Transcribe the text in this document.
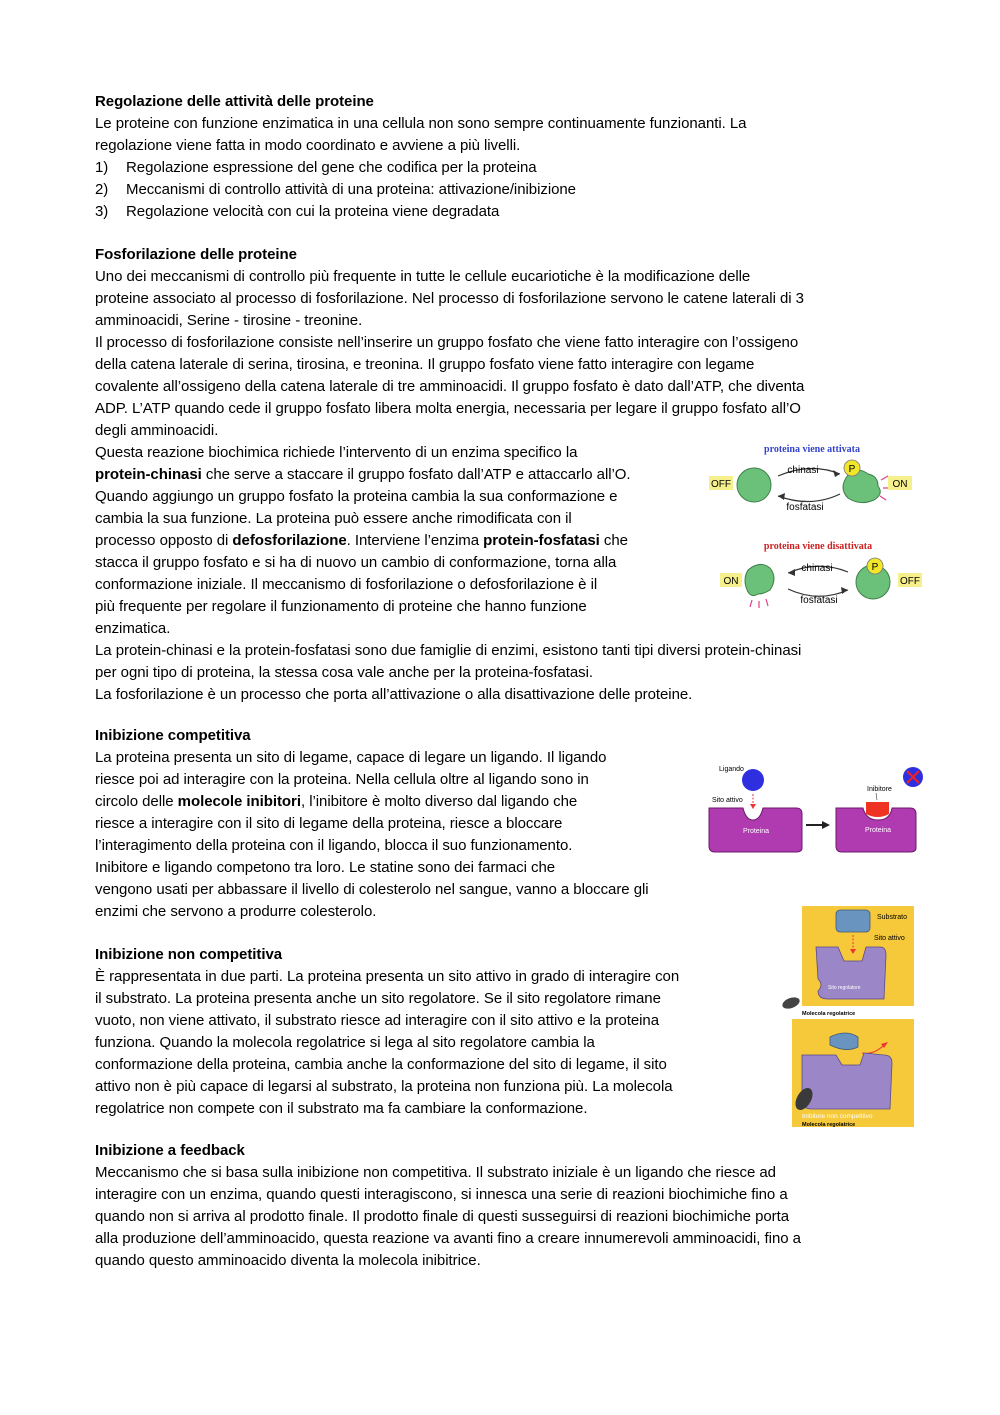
Regolazione delle attività delle proteine
Le proteine con funzione enzimatica in una cellula non sono sempre continuamente funzionanti. La
regolazione viene fatta in modo coordinato e avviene a più livelli.
1)	Regolazione espressione del gene che codifica per la proteina
2)	Meccanismi di controllo attività di una proteina: attivazione/inibizione
3)	Regolazione velocità con cui la proteina viene degradata
Fosforilazione delle proteine
Uno dei meccanismi di controllo più frequente in tutte le cellule eucariotiche è la modificazione delle
proteine associato al processo di fosforilazione. Nel processo di fosforilazione servono le catene laterali di 3
amminoacidi, Serine - tirosine - treonine.
Il processo di fosforilazione consiste nell’inserire un gruppo fosfato che viene fatto interagire con l’ossigeno
della catena laterale di serina, tirosina, e treonina. Il gruppo fosfato viene fatto interagire con legame
covalente all’ossigeno della catena laterale di tre amminoacidi. Il gruppo fosfato è dato dall’ATP, che diventa
ADP. L’ATP quando cede il gruppo fosfato libera molta energia, necessaria per legare il gruppo fosfato all’O
degli amminoacidi.
Questa reazione biochimica richiede l’intervento di un enzima specifico la
protein-chinasi che serve a staccare il gruppo fosfato dall’ATP e attaccarlo all’O.
Quando aggiungo un gruppo fosfato la proteina cambia la sua conformazione e
cambia la sua funzione. La proteina può essere anche rimodificata con il
processo opposto di defosforilazione. Interviene l’enzima protein-fosfatasi che
stacca il gruppo fosfato e si ha di nuovo un cambio di conformazione, torna alla
conformazione iniziale. Il meccanismo di fosforilazione o defosforilazione è il
più frequente per regolare il funzionamento di proteine che hanno funzione
enzimatica.
La protein-chinasi e la protein-fosfatasi sono due famiglie di enzimi, esistono tanti tipi diversi protein-chinasi
per ogni tipo di proteina, la stessa cosa vale anche per la proteina-fosfatasi.
La fosforilazione è un processo che porta all’attivazione o alla disattivazione delle proteine.
proteina viene attivata
OFF
chinasi
fosfatasi
P
ON
proteina viene disattivata
ON
chinasi
fosfatasi
P
OFF
Inibizione competitiva
La proteina presenta un sito di legame, capace di legare un ligando. Il ligando
riesce poi ad interagire con la proteina. Nella cellula oltre al ligando sono in
circolo delle molecole inibitori, l’inibitore è molto diverso dal ligando che
riesce a interagire con il sito di legame della proteina, riesce a bloccare
l’interagimento della proteina con il ligando, blocca il suo funzionamento.
Inibitore e ligando competono tra loro. Le statine sono dei farmaci che
vengono usati per abbassare il livello di colesterolo nel sangue, vanno a bloccare gli
enzimi che servono a produrre colesterolo.
Ligando
Sito attivo
Proteina
Inibitore
Proteina
Inibizione non competitiva
È rappresentata in due parti. La proteina presenta un sito attivo in grado di interagire con
il substrato. La proteina presenta anche un sito regolatore. Se il sito regolatore rimane
vuoto, non viene attivato, il substrato riesce ad interagire con il sito attivo e la proteina
funziona. Quando la molecola regolatrice si lega al sito regolatore cambia la
conformazione della proteina, cambia anche la conformazione del sito di legame, il sito
attivo non è più capace di legarsi al substrato, la proteina non funziona più. La molecola
regolatrice non compete con il substrato ma fa cambiare la conformazione.
Substrato
Sito attivo
Sito regolatore
Molecola regolatrice
Inibitore non competitivo
Molecola regolatrice
Inibizione a feedback
Meccanismo che si basa sulla inibizione non competitiva. Il substrato iniziale è un ligando che riesce ad
interagire con un enzima, quando questi interagiscono, si innesca una serie di reazioni biochimiche fino a
quando non si arriva al prodotto finale. Il prodotto finale di questi susseguirsi di reazioni biochimiche porta
alla produzione dell’amminoacido, questa reazione va avanti fino a creare innumerevoli amminoacidi, fino a
quando questo amminoacido diventa la molecola inibitrice.
